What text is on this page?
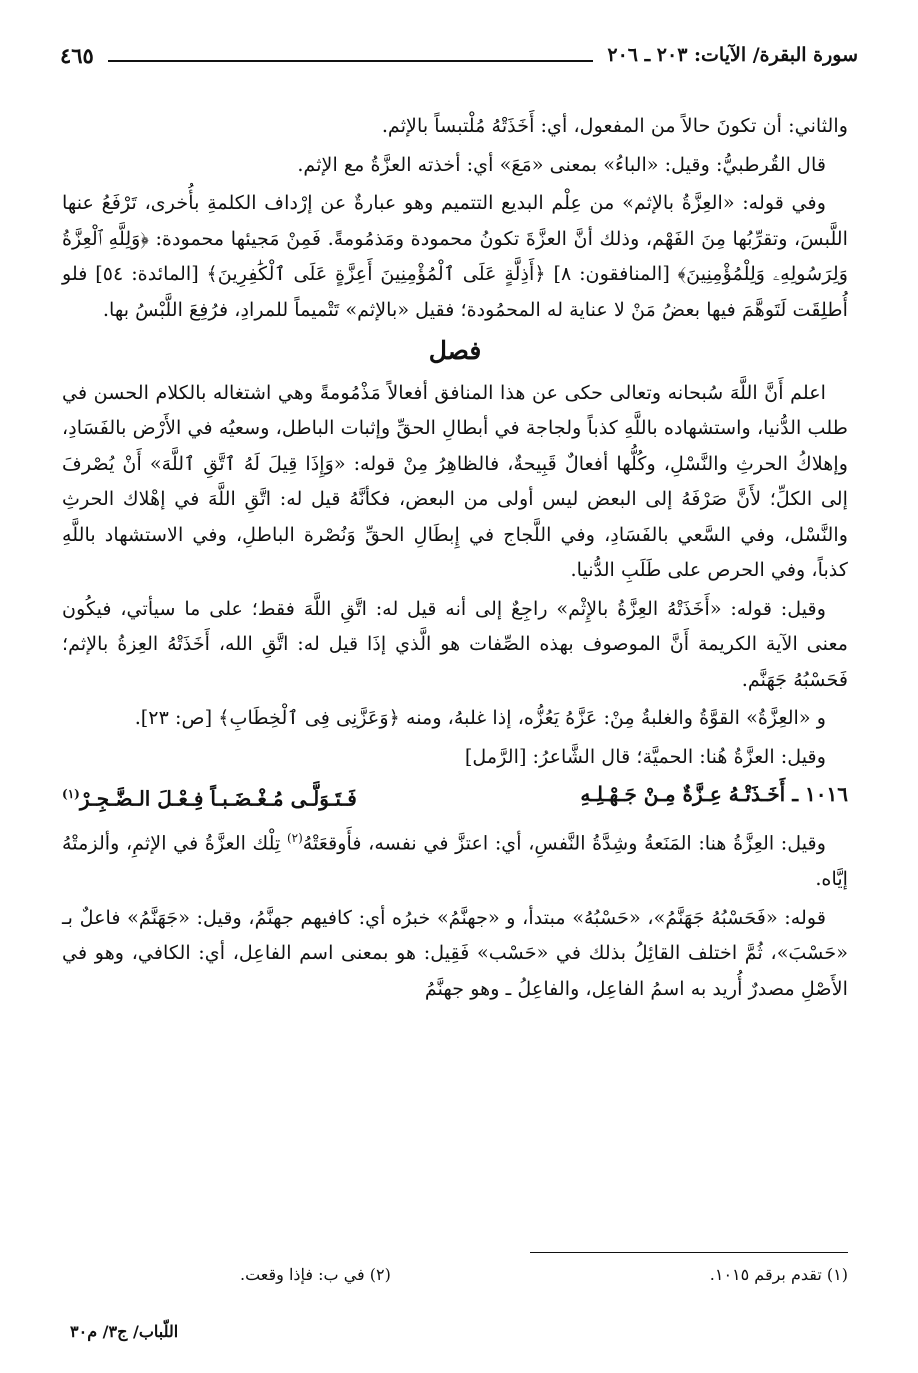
سورة البقرة/ الآيات: ٢٠٣ ـ ٢٠٦
٤٦٥

والثاني: أن تكونَ حالاً من المفعول، أي: أَخَذَتْهُ مُلْتبساً بالإثم.

قال القُرطبيُّ: وقيل: «الباءُ» بمعنى «مَعَ» أي: أخذته العزَّةُ مع الإثم.

وفي قوله: «العِزَّةُ بالإثم» من عِلْم البديع التتميم وهو عبارةٌ عن إرْداف الكلمةِ بأُخرى، تَرْفَعُ عنها اللَّبسَ، وتقرِّبُها مِنَ الفَهْم، وذلك أنَّ العزَّةَ تكونُ محمودة ومَذمُومةً. فَمِنْ مَجيئها محمودة: ﴿وَلِلَّهِ ٱلْعِزَّةُ وَلِرَسُولِهِۦ وَلِلْمُؤْمِنِينَ﴾ [المنافقون: ٨] ﴿أَذِلَّةٍ عَلَى ٱلْمُؤْمِنِينَ أَعِزَّةٍ عَلَى ٱلْكَٰفِرِينَ﴾ [المائدة: ٥٤] فلو أُطلِقَت لَتَوهَّمَ فيها بعضُ مَنْ لا عناية له المحمُودة؛ فقيل «بالإثم» تَتْميماً للمرادِ، فرُفِعَ اللَّبْسُ بها.

فصل

اعلم أَنَّ اللَّهَ سُبحانه وتعالى حكى عن هذا المنافق أفعالاً مَذْمُومةً وهي اشتغاله بالكلام الحسن في طلب الدُّنيا، واستشهاده باللَّهِ كذباً ولجاجة في أبطالِ الحقِّ وإثبات الباطل، وسعيُه في الأَرْض بالفَسَادِ، وإهلاكُ الحرثِ والنَّسْلِ، وكُلُّها أفعالٌ قَبِيحةٌ، فالظاهِرُ مِنْ قوله: «وَإِذَا قِيلَ لَهُ ٱتَّقِ ٱللَّهَ» أَنْ يُصْرفَ إلى الكلِّ؛ لأَنَّ صَرْفَهُ إلى البعض ليس أولى من البعض، فكأنَّهُ قيل له: اتَّقِ اللَّهَ في إهْلاك الحرثِ والنَّسْل، وفي السَّعي بالفَسَادِ، وفي اللَّجاج في إِبطَالِ الحقِّ وَنُصْرة الباطلِ، وفي الاستشهاد باللَّهِ كذباً، وفي الحرص على طَلَبِ الدُّنيا.

وقيل: قوله: «أَخَذَتْهُ العِزَّةُ بالإِثْم» راجِعٌ إلى أنه قيل له: اتَّقِ اللَّهَ فقط؛ على ما سيأتي، فيكُون معنى الآية الكريمة أَنَّ الموصوف بهذه الصِّفات هو الَّذي إذَا قيل له: اتَّقِ الله، أَخَذَتْهُ العِزةُ بالإثم؛ فَحَسْبُهُ جَهَنَّم.

و «العِزَّةُ» القوَّةُ والغلبةُ مِنْ: عَزَّهُ يَعُزُّه، إذا غلبهُ، ومنه ﴿وَعَزَّنِى فِى ٱلْخِطَابِ﴾ [ص: ٢٣].

وقيل: العزَّةُ هُنا: الحميَّة؛ قال الشَّاعرُ: [الرَّمل]

١٠١٦ ـ أَخَـذَتْـهُ عِـزَّةٌ مِـنْ جَـهْـلِـهِ
فَـتَـوَلَّـى مُـغْـضَـبـاً فِـعْـلَ الـضَّـجِـرْ$^{(١)}$

وقيل: العِزَّةُ هنا: المَنَعةُ وشِدَّةُ النَّفسِ، أي: اعتزَّ في نفسه، فأَوقعَتْهُ$^{(٢)}$ تِلْك العزَّةُ في الإثمِ، وألزمتْهُ إيَّاه.

قوله: «فَحَسْبُهُ جَهَنَّمُ»، «حَسْبُهُ» مبتدأ، و «جهنَّمُ» خبرُه أي: كافيهم جهنَّمُ، وقيل: «جَهَنَّمُ» فاعلٌ بـ «حَسْبَ»، ثُمَّ اختلف القائِلُ بذلك في «حَسْب» فَقِيل: هو بمعنى اسم الفاعِل، أي: الكافي، وهو في الأَصْلِ مصدرٌ أُريد به اسمُ الفاعِل، والفاعِلُ ـ وهو جهنَّمُ

(١) تقدم برقم ١٠١٥.
(٢) في ب: فإذا وقعت.
اللّباب/ ج٣/ م٣٠
